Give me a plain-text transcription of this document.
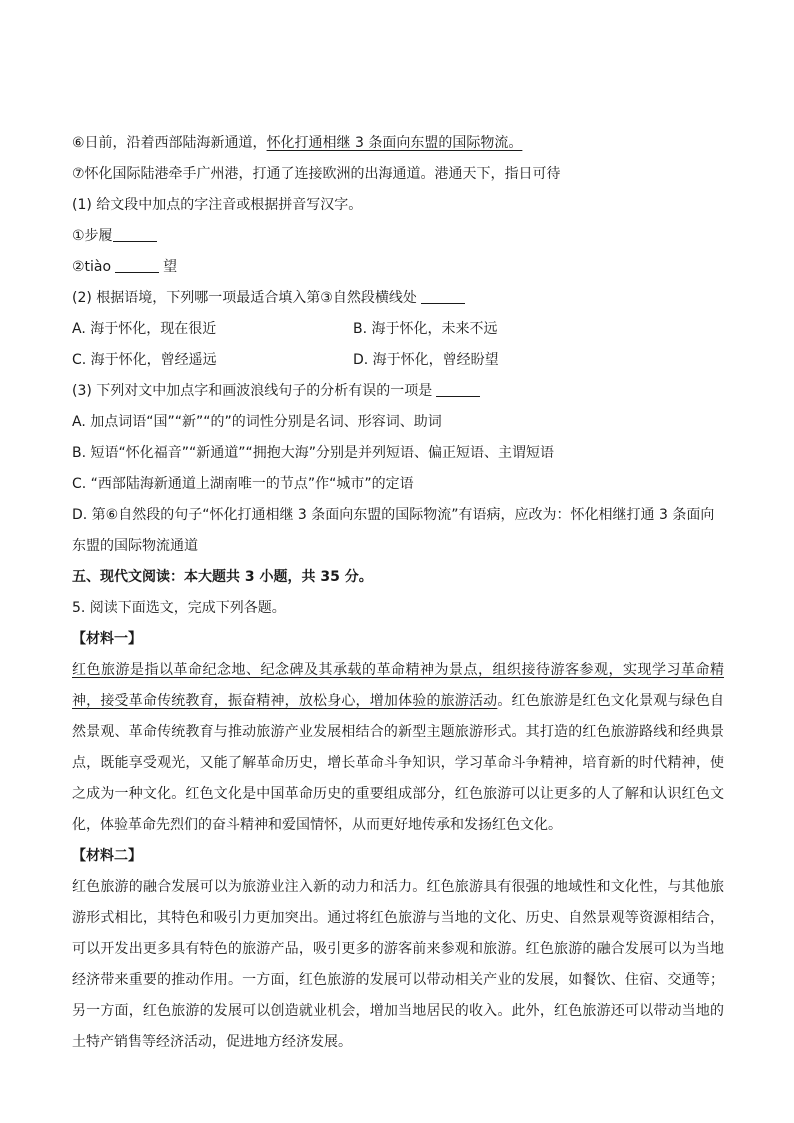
⑥日前，沿着西部陆海新通道，怀化打通相继 3 条面向东盟的国际物流。

⑦怀化国际陆港牵手广州港，打通了连接欧洲的出海通道。港通天下，指日可待

(1) 给文段中加点的字注音或根据拼音写汉字。

①步履

②tiào	望

(2) 根据语境，下列哪一项最适合填入第③自然段横线处

A. 海于怀化，现在很近	B. 海于怀化，未来不远
C. 海于怀化，曾经遥远	D. 海于怀化，曾经盼望

(3) 下列对文中加点字和画波浪线句子的分析有误的一项是

A. 加点词语“国”“新”“的”的词性分别是名词、形容词、助词

B. 短语“怀化福音”“新通道”“拥抱大海”分别是并列短语、偏正短语、主谓短语

C. “西部陆海新通道上湖南唯一的节点”作“城市”的定语

D. 第⑥自然段的句子“怀化打通相继 3 条面向东盟的国际物流”有语病，应改为：怀化相继打通 3 条面向

东盟的国际物流通道

五、现代文阅读：本大题共 3 小题，共 35 分。

5. 阅读下面选文，完成下列各题。

【材料一】

红色旅游是指以革命纪念地、纪念碑及其承载的革命精神为景点，组织接待游客参观，实现学习革命精神，接受革命传统教育，振奋精神，放松身心，增加体验的旅游活动。红色旅游是红色文化景观与绿色自然景观、革命传统教育与推动旅游产业发展相结合的新型主题旅游形式。其打造的红色旅游路线和经典景点，既能享受观光，又能了解革命历史，增长革命斗争知识，学习革命斗争精神，培育新的时代精神，使之成为一种文化。红色文化是中国革命历史的重要组成部分，红色旅游可以让更多的人了解和认识红色文化，体验革命先烈们的奋斗精神和爱国情怀，从而更好地传承和发扬红色文化。

【材料二】

红色旅游的融合发展可以为旅游业注入新的动力和活力。红色旅游具有很强的地域性和文化性，与其他旅游形式相比，其特色和吸引力更加突出。通过将红色旅游与当地的文化、历史、自然景观等资源相结合，可以开发出更多具有特色的旅游产品，吸引更多的游客前来参观和旅游。红色旅游的融合发展可以为当地经济带来重要的推动作用。一方面，红色旅游的发展可以带动相关产业的发展，如餐饮、住宿、交通等；另一方面，红色旅游的发展可以创造就业机会，增加当地居民的收入。此外，红色旅游还可以带动当地的土特产销售等经济活动，促进地方经济发展。
